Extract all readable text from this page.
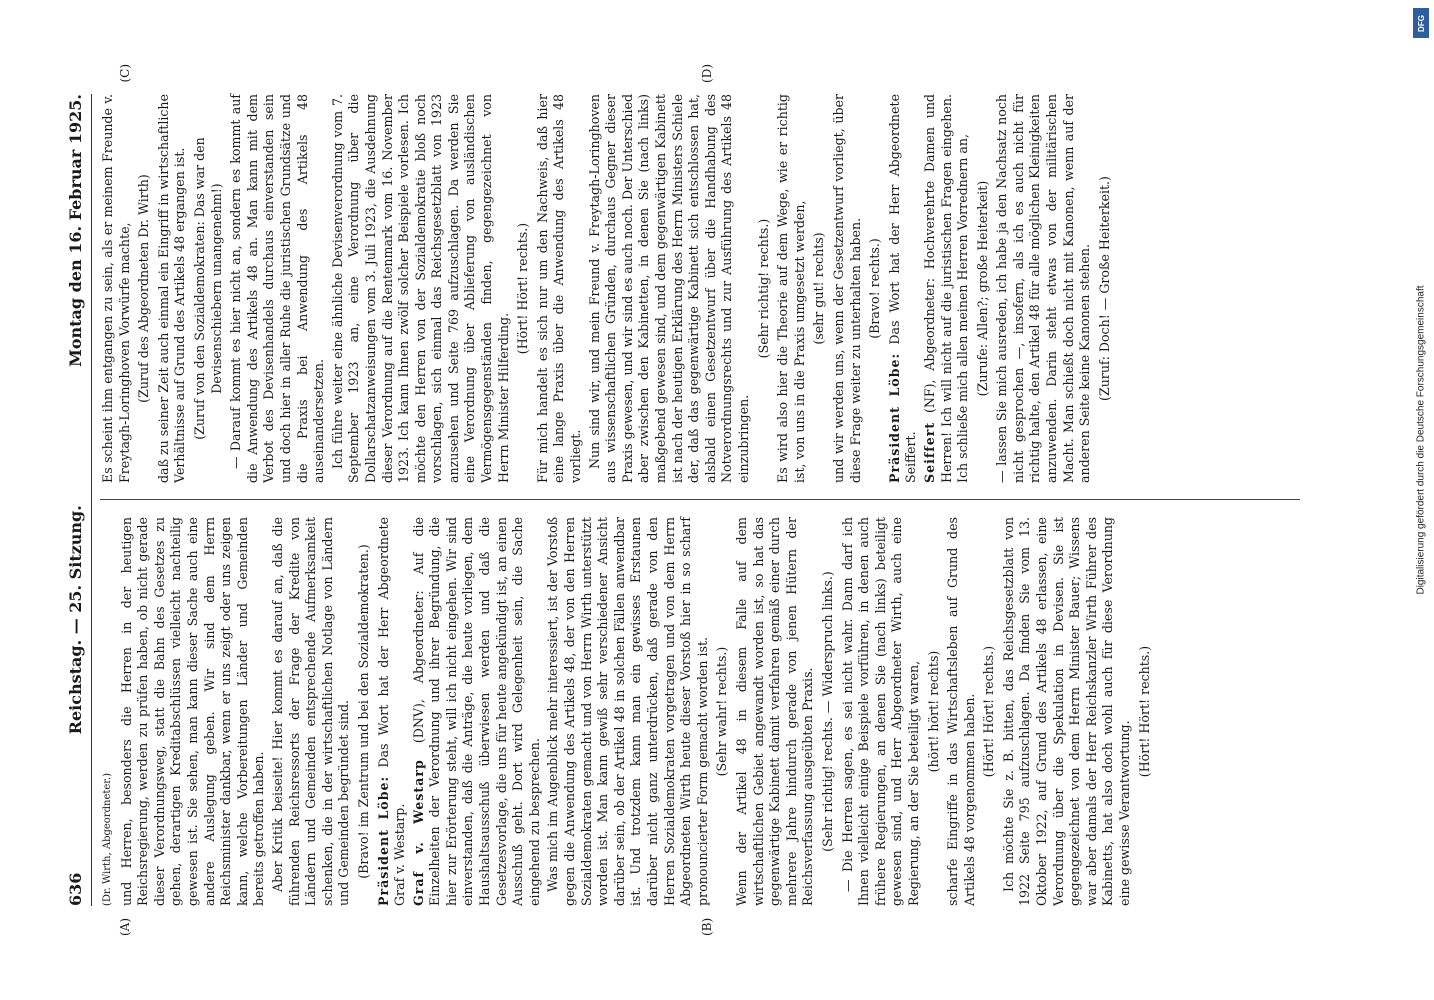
DFG
Digitalisierung gefördert durch die Deutsche Forschungsgemeinschaft
636
Reichstag. — 25. Sitzung.
Montag den 16. Februar 1925.
(A)	(B)
(C)	(D)

(Dr. Wirth, Abgeordneter.) und Herren, besonders die Herren in der heutigen Reichsregierung, werden zu prüfen haben, ob nicht gerade dieser Verordnungsweg, statt die Bahn des Gesetzes zu gehen, derartigen Kreditabschlüssen vielleicht nachteilig gewesen ist. Sie sehen, man kann dieser Sache auch eine andere Auslegung geben. Wir sind dem Herrn Reichsminister dankbar, wenn er uns zeigt oder uns zeigen kann, welche Vorbereitungen Länder und Gemeinden bereits getroffen haben. Aber Kritik beiseite! Hier kommt es darauf an, daß die führenden Reichsressorts der Frage der Kredite von Ländern und Gemeinden entsprechende Aufmerksamkeit schenken, die in der wirtschaftlichen Notlage von Ländern und Gemeinden begründet sind. (Bravo! im Zentrum und bei den Sozialdemokraten.) Präsident Löbe: Das Wort hat der Herr Abgeordnete Graf v. Westarp. Graf v. Westarp (DNV), Abgeordneter: Auf die Einzelheiten der Verordnung und ihrer Begründung, die hier zur Erörterung steht, will ich nicht eingehen. Wir sind einverstanden, daß die Anträge, die heute vorliegen, dem Haushaltsausschuß überwiesen werden und daß die Gesetzesvorlage, die uns für heute angekündigt ist, an einen Ausschuß geht. Dort wird Gelegenheit sein, die Sache eingehend zu besprechen. Was mich im Augenblick mehr interessiert, ist der Vorstoß gegen die Anwendung des Artikels 48, der von den Herren Sozialdemokraten gemacht und von Herrn Wirth unterstützt worden ist. Man kann gewiß sehr verschiedener Ansicht darüber sein, ob der Artikel 48 in solchen Fällen anwendbar ist. Und trotzdem kann man ein gewisses Erstaunen darüber nicht ganz unterdrücken, daß gerade von den Herren Sozialdemokraten vorgetragen und von dem Herrn Abgeordneten Wirth heute dieser Vorstoß hier in so scharf pronouncierter Form gemacht worden ist. (Sehr wahr! rechts.) Wenn der Artikel 48 in diesem Falle auf dem wirtschaftlichen Gebiet angewandt worden ist, so hat das gegenwärtige Kabinett damit verfahren gemäß einer durch mehrere Jahre hindurch gerade von jenen Hütern der Reichsverfassung ausgeübten Praxis. (Sehr richtig! rechts. — Widerspruch links.) — Die Herren sagen, es sei nicht wahr. Dann darf ich Ihnen vielleicht einige Beispiele vorführen, in denen auch frühere Regierungen, an denen Sie (nach links) beteiligt gewesen sind, und Herr Abgeordneter Wirth, auch eine Regierung, an der Sie beteiligt waren, (hört! hört! rechts) scharfe Eingriffe in das Wirtschaftsleben auf Grund des Artikels 48 vorgenommen haben. (Hört! Hört! rechts.) Ich möchte Sie z. B. bitten, das Reichsgesetzblatt von 1922 Seite 795 aufzuschlagen. Da finden Sie vom 13. Oktober 1922, auf Grund des Artikels 48 erlassen, eine Verordnung über die Spekulation in Devisen. Sie ist gegengezeichnet von dem Herrn Minister Bauer; Wissens war aber damals der Herr Reichskanzler Wirth Führer des Kabinetts, hat also doch wohl auch für diese Verordnung eine gewisse Verantwortung.

(Hört! Hört! rechts.)

Es scheint ihm entgangen zu sein, als er meinem Freunde v. Freytagh-Loringhoven Vorwürfe machte, (Zuruf des Abgeordneten Dr. Wirth) daß zu seiner Zeit auch einmal ein Eingriff in wirtschaftliche Verhältnisse auf Grund des Artikels 48 ergangen ist. (Zuruf von den Sozialdemokraten: Das war den Devisenschiebern unangenehm!) — Darauf kommt es hier nicht an, sondern es kommt auf die Anwendung des Artikels 48 an. Man kann mit dem Verbot des Devisenhandels durchaus einverstanden sein und doch hier in aller Ruhe die juristischen Grundsätze und die Praxis bei Anwendung des Artikels 48 auseinandersetzen. Ich führe weiter eine ähnliche Devisenverordnung vom 7. September 1923 an, eine Verordnung über die Dollarschatzanweisungen vom 3. Juli 1923, die Ausdehnung dieser Verordnung auf die Rentenmark vom 16. November 1923. Ich kann Ihnen zwölf solcher Beispiele vorlesen. Ich möchte den Herren von der Sozialdemokratie bloß noch vorschlagen, sich einmal das Reichsgesetzblatt von 1923 anzusehen und Seite 769 aufzuschlagen. Da werden Sie eine Verordnung über Ablieferung von ausländischen Vermögensgegenständen finden, gegengezeichnet von Herrn Minister Hilferding.

(Hört! Hört! rechts.) Für mich handelt es sich nur um den Nachweis, daß hier eine lange Praxis über die Anwendung des Artikels 48 vorliegt. Nun sind wir, und mein Freund v. Freytagh-Loringhoven aus wissenschaftlichen Gründen, durchaus Gegner dieser Praxis gewesen, und wir sind es auch noch. Der Unterschied aber zwischen den Kabinetten, in denen Sie (nach links) maßgebend gewesen sind, und dem gegenwärtigen Kabinett ist nach der heutigen Erklärung des Herrn Ministers Schiele der, daß das gegenwärtige Kabinett sich entschlossen hat, alsbald einen Gesetzentwurf über die Handhabung des Notverordnungsrechts und zur Ausführung des Artikels 48 einzubringen.

(Sehr richtig! rechts.) Es wird also hier die Theorie auf dem Wege, wie er richtig ist, von uns in die Praxis umgesetzt werden, (sehr gut! rechts) und wir werden uns, wenn der Gesetzentwurf vorliegt, über diese Frage weiter zu unterhalten haben. (Bravo! rechts.)

Präsident Löbe: Das Wort hat der Herr Abgeordnete Seiffert. Seiffert (NF), Abgeordneter: Hochverehrte Damen und Herren! Ich will nicht auf die juristischen Fragen eingehen. Ich schließe mich allen meinen Herren Vorrednern an, (Zurufe: Allen?; große Heiterkeit) — lassen Sie mich ausreden, ich habe ja den Nachsatz noch nicht gesprochen —, insofern, als ich es auch nicht für richtig halte, den Artikel 48 für alle möglichen Kleinigkeiten anzuwenden. Darin steht etwas von der militärischen Macht. Man schießt doch nicht mit Kanonen, wenn auf der anderen Seite keine Kanonen stehen. (Zuruf: Doch! — Große Heiterkeit.)
